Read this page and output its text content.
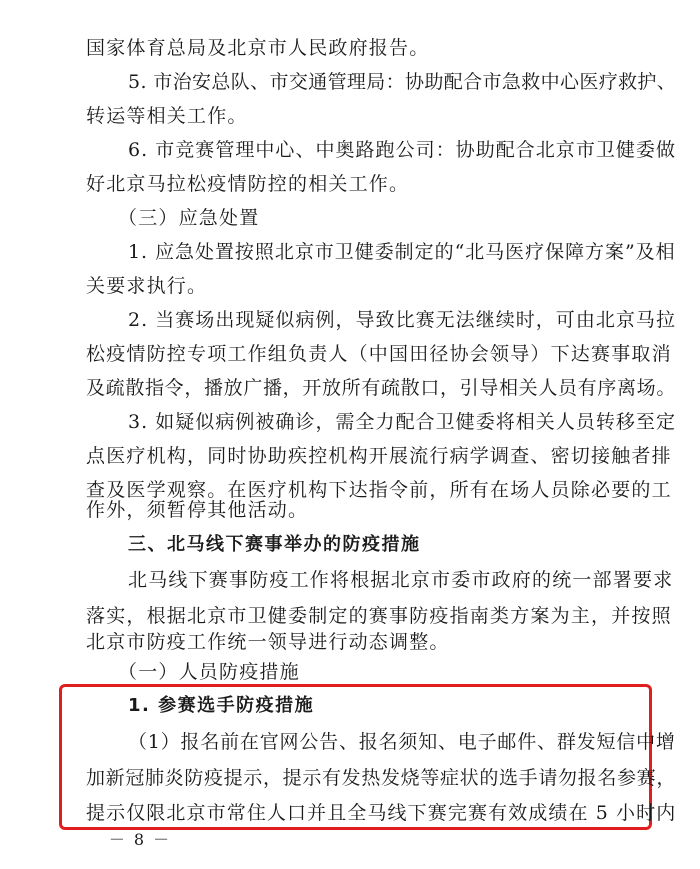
国家体育总局及北京市人民政府报告。
5. 市治安总队、市交通管理局：协助配合市急救中心医疗救护、
转运等相关工作。
6. 市竞赛管理中心、中奥路跑公司：协助配合北京市卫健委做
好北京马拉松疫情防控的相关工作。
（三）应急处置
1. 应急处置按照北京市卫健委制定的“北马医疗保障方案”及相
关要求执行。
2. 当赛场出现疑似病例，导致比赛无法继续时，可由北京马拉
松疫情防控专项工作组负责人（中国田径协会领导）下达赛事取消
及疏散指令，播放广播，开放所有疏散口，引导相关人员有序离场。
3. 如疑似病例被确诊，需全力配合卫健委将相关人员转移至定
点医疗机构，同时协助疾控机构开展流行病学调查、密切接触者排
查及医学观察。在医疗机构下达指令前，所有在场人员除必要的工
作外，须暂停其他活动。
三、北马线下赛事举办的防疫措施
北马线下赛事防疫工作将根据北京市委市政府的统一部署要求
落实，根据北京市卫健委制定的赛事防疫指南类方案为主，并按照
北京市防疫工作统一领导进行动态调整。
（一）人员防疫措施
1. 参赛选手防疫措施
（1）报名前在官网公告、报名须知、电子邮件、群发短信中增
加新冠肺炎防疫提示，提示有发热发烧等症状的选手请勿报名参赛，
提示仅限北京市常住人口并且全马线下赛完赛有效成绩在 5 小时内
－ 8 －
